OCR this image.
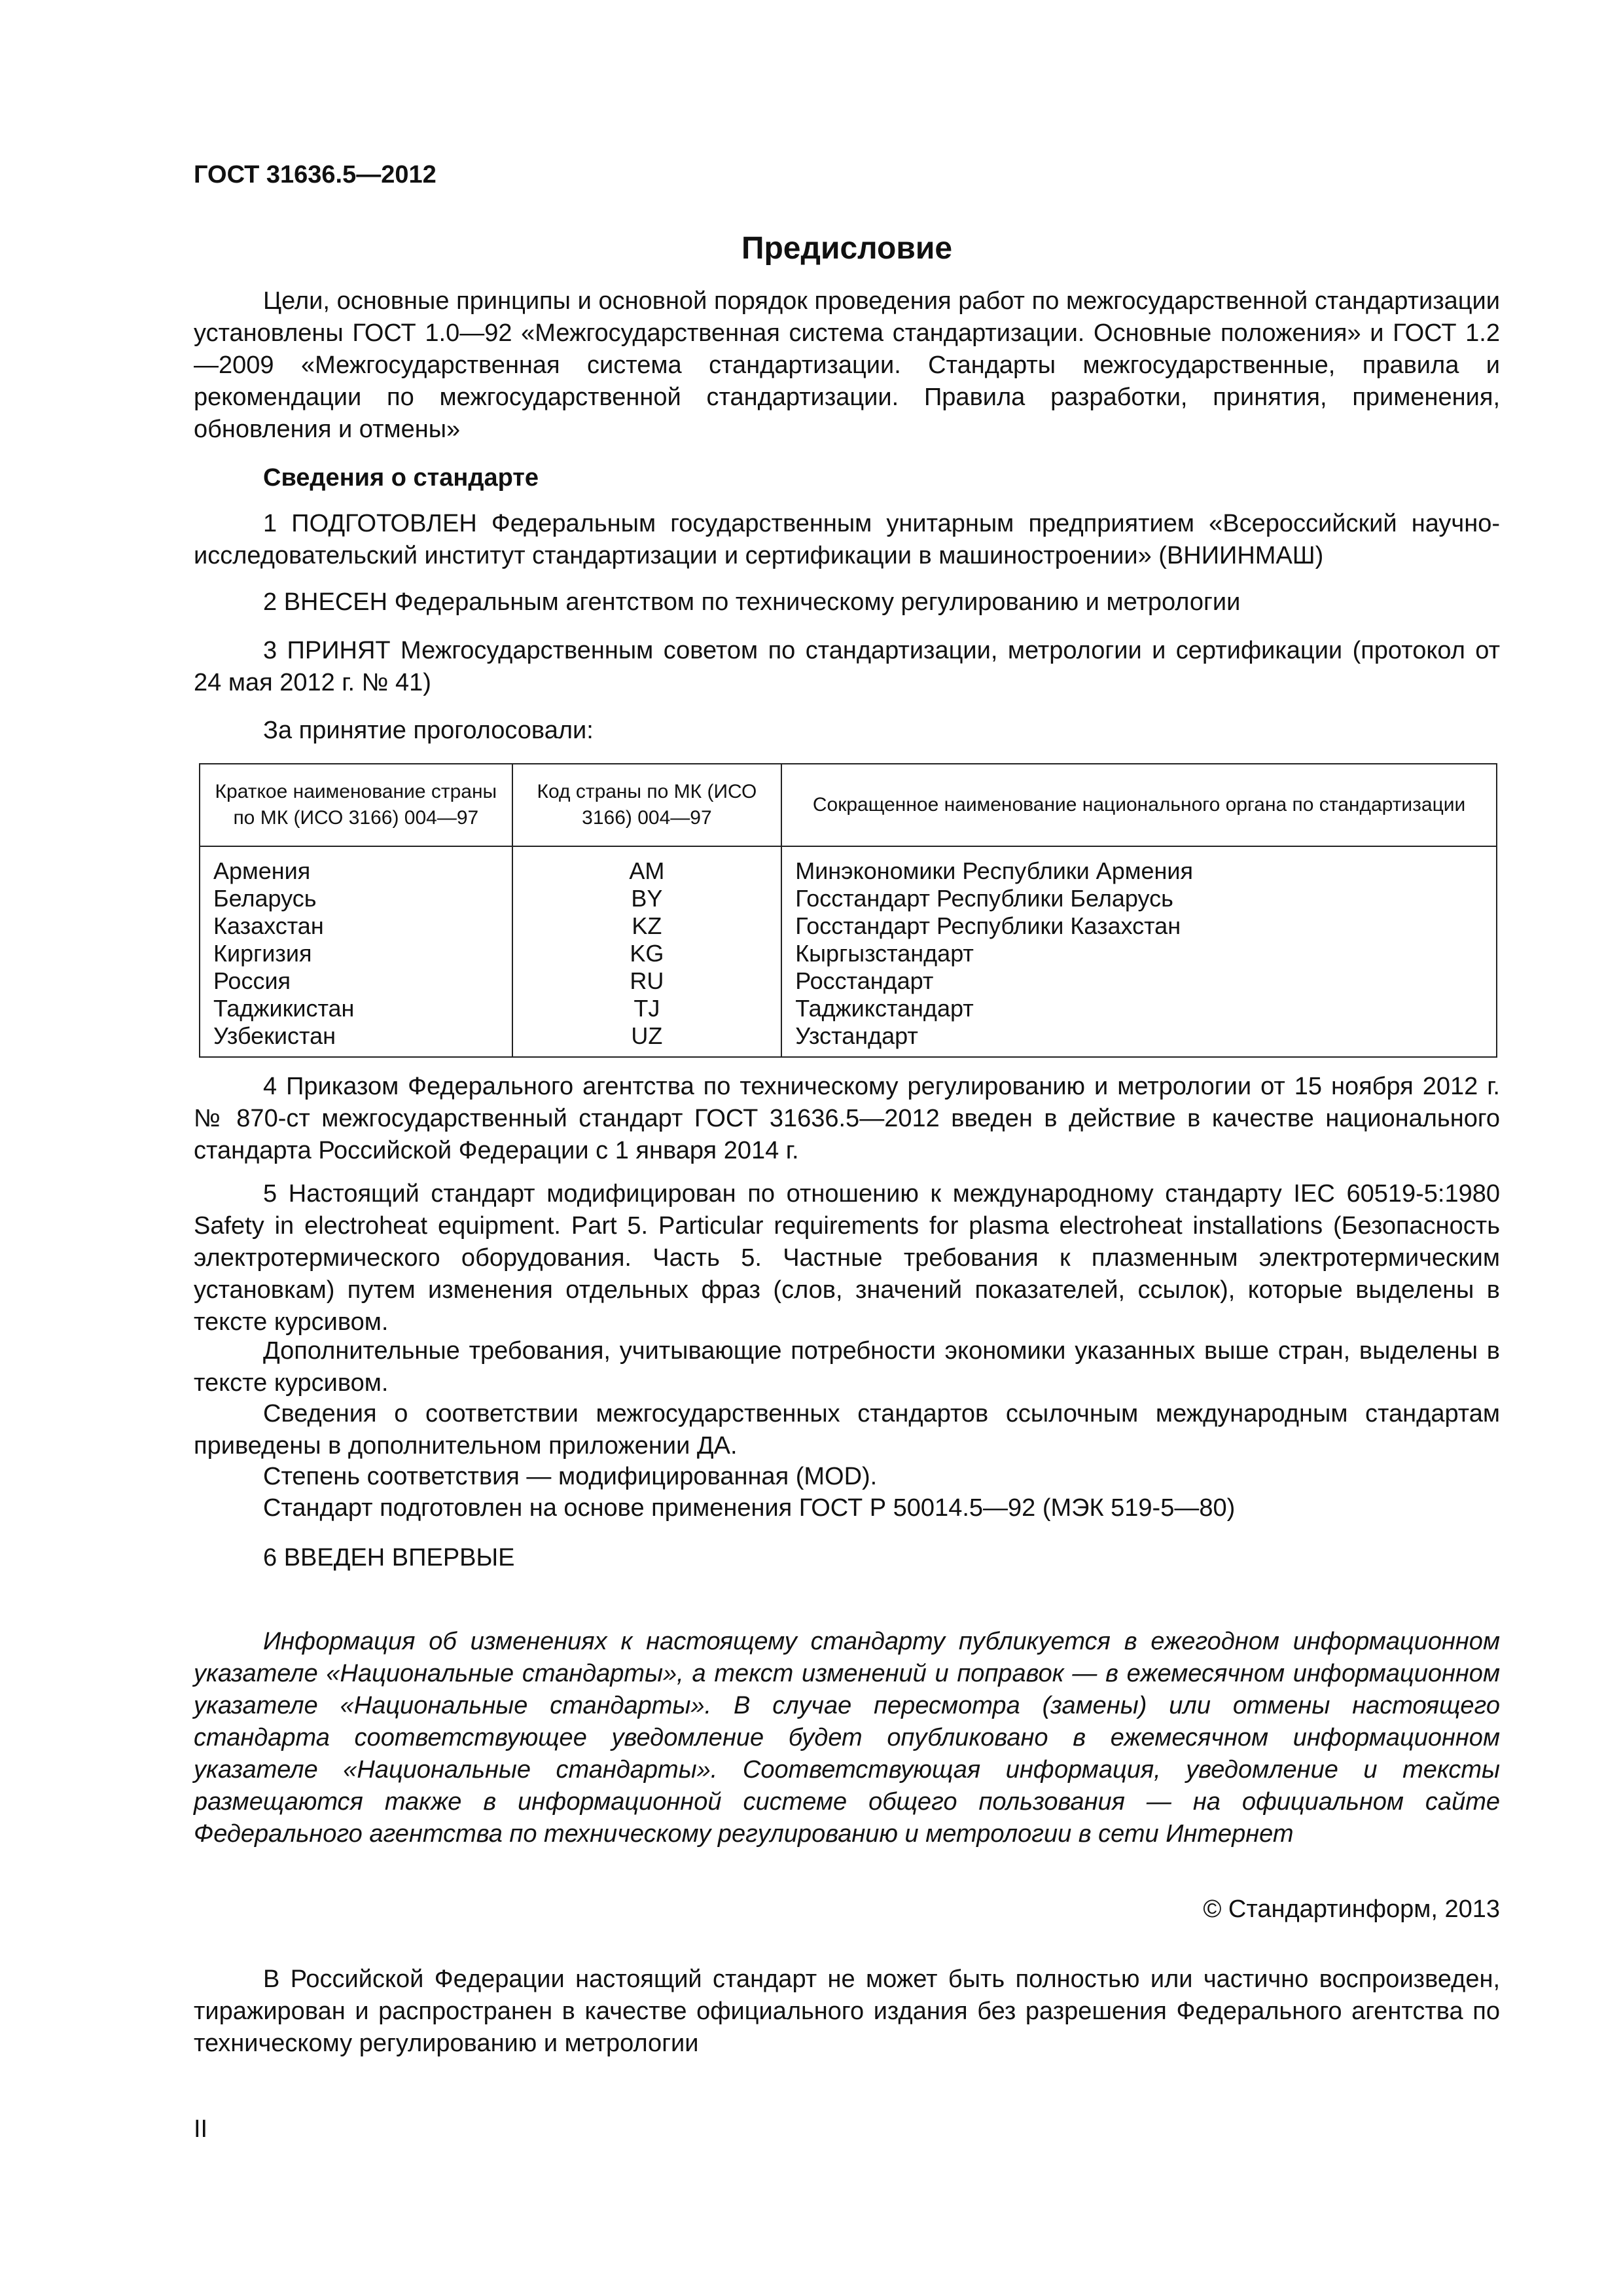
ГОСТ 31636.5—2012
Предисловие

Цели, основные принципы и основной порядок проведения работ по межгосударственной стандартизации установлены ГОСТ 1.0—92 «Межгосударственная система стандартизации. Основные положения» и ГОСТ 1.2—2009 «Межгосударственная система стандартизации. Стандарты межгосударственные, правила и рекомендации по межгосударственной стандартизации. Правила разработки, принятия, применения, обновления и отмены»

Сведения о стандарте

1 ПОДГОТОВЛЕН Федеральным государственным унитарным предприятием «Всероссийский научно-исследовательский институт стандартизации и сертификации в машиностроении» (ВНИИНМАШ)

2 ВНЕСЕН Федеральным агентством по техническому регулированию и метрологии

3 ПРИНЯТ Межгосударственным советом по стандартизации, метрологии и сертификации (протокол от 24 мая 2012 г. № 41)

За принятие проголосовали:

Краткое наименование страны по МК (ИСО 3166) 004—97	Код страны по МК (ИСО 3166) 004—97	Сокращенное наименование национального органа по стандартизации
Армения	AM	Минэкономики Республики Армения
Беларусь	BY	Госстандарт Республики Беларусь
Казахстан	KZ	Госстандарт Республики Казахстан
Киргизия	KG	Кыргызстандарт
Россия	RU	Росстандарт
Таджикистан	TJ	Таджикстандарт
Узбекистан	UZ	Узстандарт

4 Приказом Федерального агентства по техническому регулированию и метрологии от 15 ноября 2012 г. № 870-ст межгосударственный стандарт ГОСТ 31636.5—2012 введен в действие в качестве национального стандарта Российской Федерации с 1 января 2014 г.

5 Настоящий стандарт модифицирован по отношению к международному стандарту IEC 60519-5:1980 Safety in electroheat equipment. Part 5. Particular requirements for plasma electroheat installations (Безопасность электротермического оборудования. Часть 5. Частные требования к плазменным электротермическим установкам) путем изменения отдельных фраз (слов, значений показателей, ссылок), которые выделены в тексте курсивом.

Дополнительные требования, учитывающие потребности экономики указанных выше стран, выделены в тексте курсивом.

Сведения о соответствии межгосударственных стандартов ссылочным международным стандартам приведены в дополнительном приложении ДА.

Степень соответствия — модифицированная (MOD).

Стандарт подготовлен на основе применения ГОСТ Р 50014.5—92 (МЭК 519-5—80)

6 ВВЕДЕН ВПЕРВЫЕ

Информация об изменениях к настоящему стандарту публикуется в ежегодном информационном указателе «Национальные стандарты», а текст изменений и поправок — в ежемесячном информационном указателе «Национальные стандарты». В случае пересмотра (замены) или отмены настоящего стандарта соответствующее уведомление будет опубликовано в ежемесячном информационном указателе «Национальные стандарты». Соответствующая информация, уведомление и тексты размещаются также в информационной системе общего пользования — на официальном сайте Федерального агентства по техническому регулированию и метрологии в сети Интернет

© Стандартинформ, 2013

В Российской Федерации настоящий стандарт не может быть полностью или частично воспроизведен, тиражирован и распространен в качестве официального издания без разрешения Федерального агентства по техническому регулированию и метрологии

II
